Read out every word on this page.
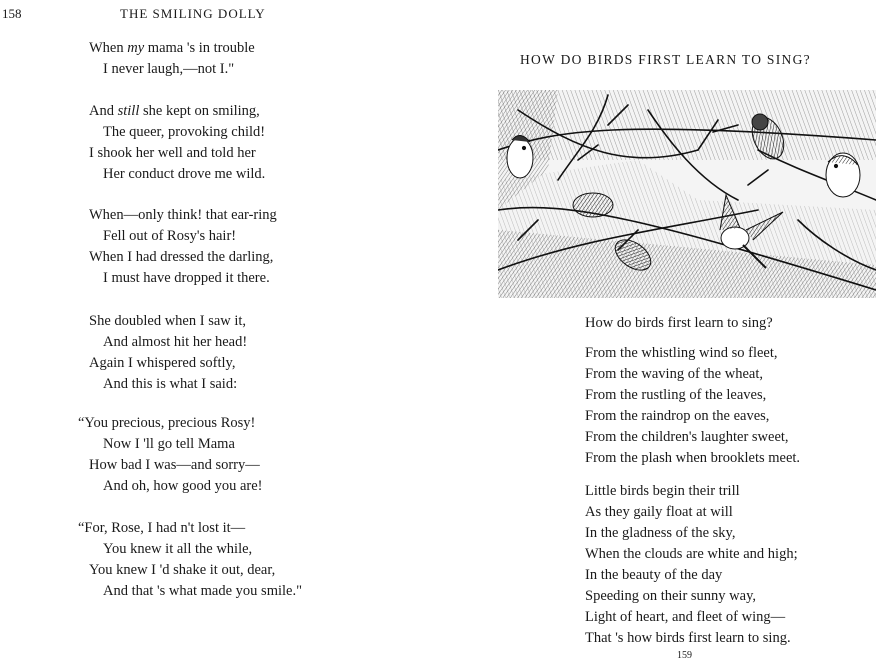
158	THE SMILING DOLLY
When my mama 's in trouble
I never laugh,—not I."
And still she kept on smiling,
The queer, provoking child!
I shook her well and told her
Her conduct drove me wild.
When—only think! that ear-ring
Fell out of Rosy's hair!
When I had dressed the darling,
I must have dropped it there.
She doubled when I saw it,
And almost hit her head!
Again I whispered softly,
And this is what I said:
“You precious, precious Rosy!
Now I 'll go tell Mama
How bad I was—and sorry—
And oh, how good you are!
“For, Rose, I had n't lost it—
You knew it all the while,
You knew I 'd shake it out, dear,
And that 's what made you smile."
HOW DO BIRDS FIRST LEARN TO SING?
How do birds first learn to sing?
From the whistling wind so fleet,
From the waving of the wheat,
From the rustling of the leaves,
From the raindrop on the eaves,
From the children's laughter sweet,
From the plash when brooklets meet.
Little birds begin their trill
As they gaily float at will
In the gladness of the sky,
When the clouds are white and high;
In the beauty of the day
Speeding on their sunny way,
Light of heart, and fleet of wing—
That 's how birds first learn to sing.
159
